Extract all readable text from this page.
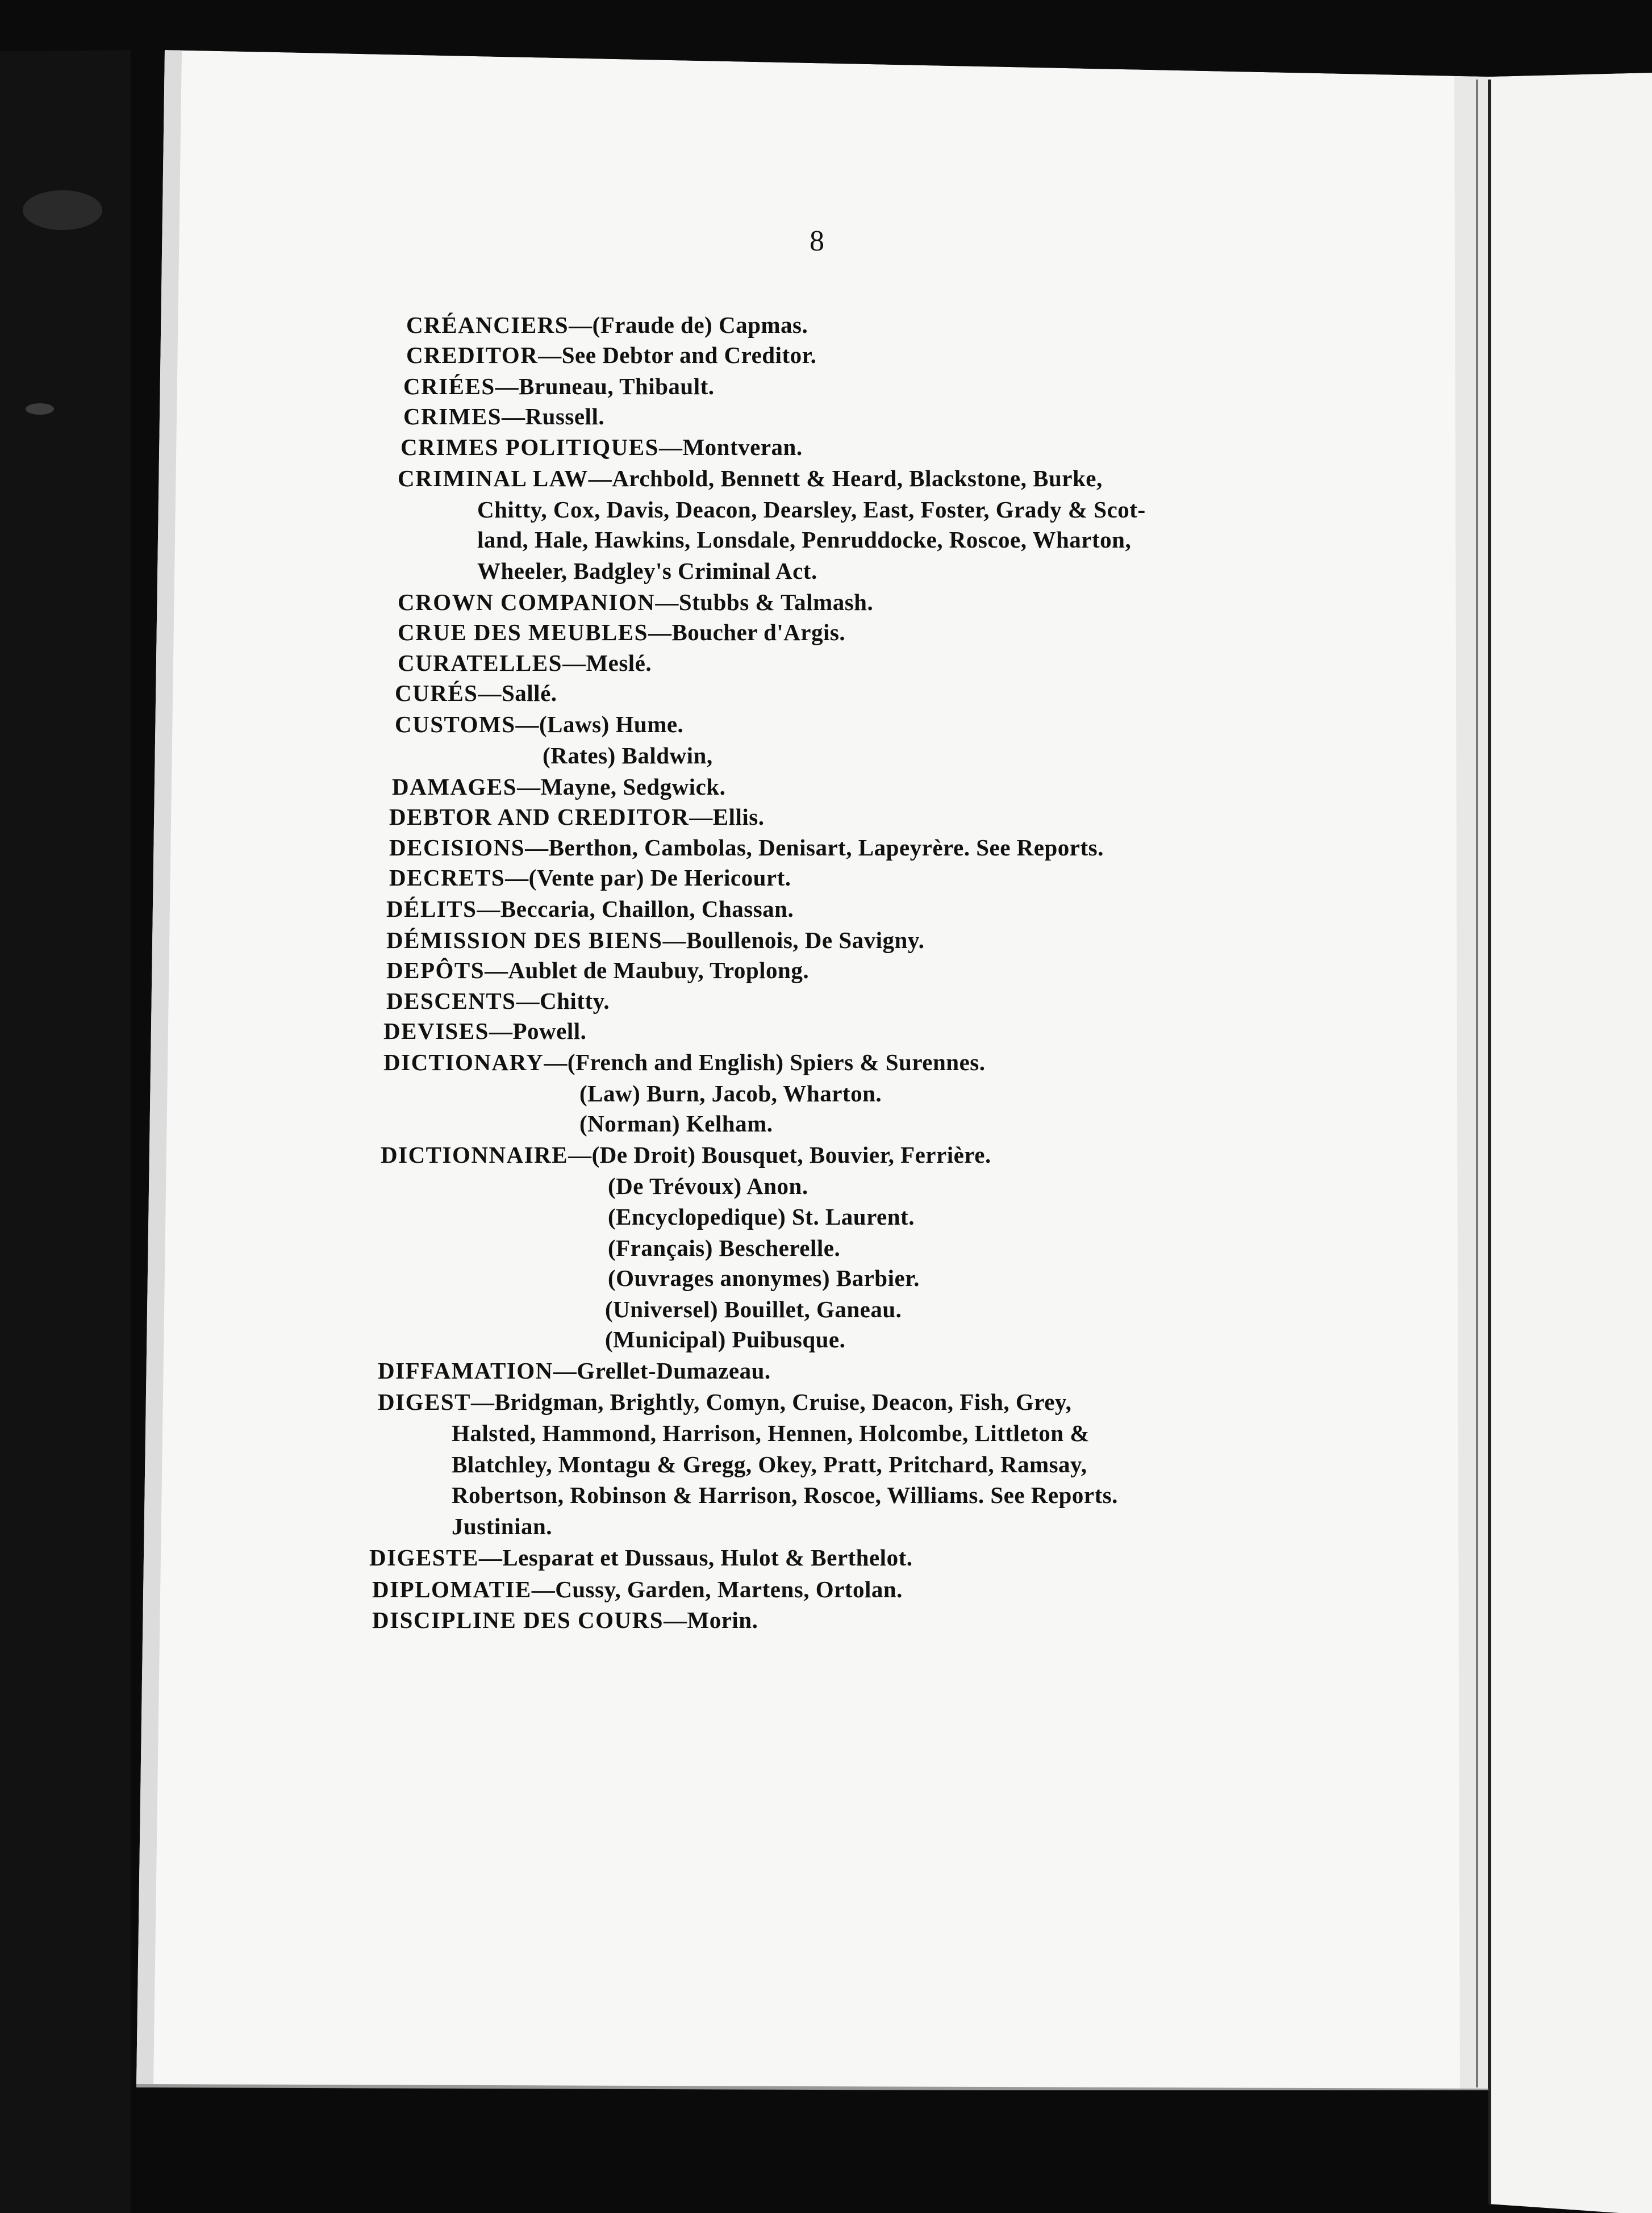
8
CRÉANCIERS—(Fraude de) Capmas.
CREDITOR—See Debtor and Creditor.
CRIÉES—Bruneau, Thibault.
CRIMES—Russell.
CRIMES POLITIQUES—Montveran.
CRIMINAL LAW—Archbold, Bennett & Heard, Blackstone, Burke,
Chitty, Cox, Davis, Deacon, Dearsley, East, Foster, Grady & Scot-
land, Hale, Hawkins, Lonsdale, Penruddocke, Roscoe, Wharton,
Wheeler, Badgley's Criminal Act.
CROWN COMPANION—Stubbs & Talmash.
CRUE DES MEUBLES—Boucher d'Argis.
CURATELLES—Meslé.
CURÉS—Sallé.
CUSTOMS—(Laws) Hume.
(Rates) Baldwin,
DAMAGES—Mayne, Sedgwick.
DEBTOR AND CREDITOR—Ellis.
DECISIONS—Berthon, Cambolas, Denisart, Lapeyrère. See Reports.
DECRETS—(Vente par) De Hericourt.
DÉLITS—Beccaria, Chaillon, Chassan.
DÉMISSION DES BIENS—Boullenois, De Savigny.
DEPÔTS—Aublet de Maubuy, Troplong.
DESCENTS—Chitty.
DEVISES—Powell.
DICTIONARY—(French and English) Spiers & Surennes.
(Law) Burn, Jacob, Wharton.
(Norman) Kelham.
DICTIONNAIRE—(De Droit) Bousquet, Bouvier, Ferrière.
(De Trévoux) Anon.
(Encyclopedique) St. Laurent.
(Français) Bescherelle.
(Ouvrages anonymes) Barbier.
(Universel) Bouillet, Ganeau.
(Municipal) Puibusque.
DIFFAMATION—Grellet-Dumazeau.
DIGEST—Bridgman, Brightly, Comyn, Cruise, Deacon, Fish, Grey,
Halsted, Hammond, Harrison, Hennen, Holcombe, Littleton &
Blatchley, Montagu & Gregg, Okey, Pratt, Pritchard, Ramsay,
Robertson, Robinson & Harrison, Roscoe, Williams. See Reports.
Justinian.
DIGESTE—Lesparat et Dussaus, Hulot & Berthelot.
DIPLOMATIE—Cussy, Garden, Martens, Ortolan.
DISCIPLINE DES COURS—Morin.
